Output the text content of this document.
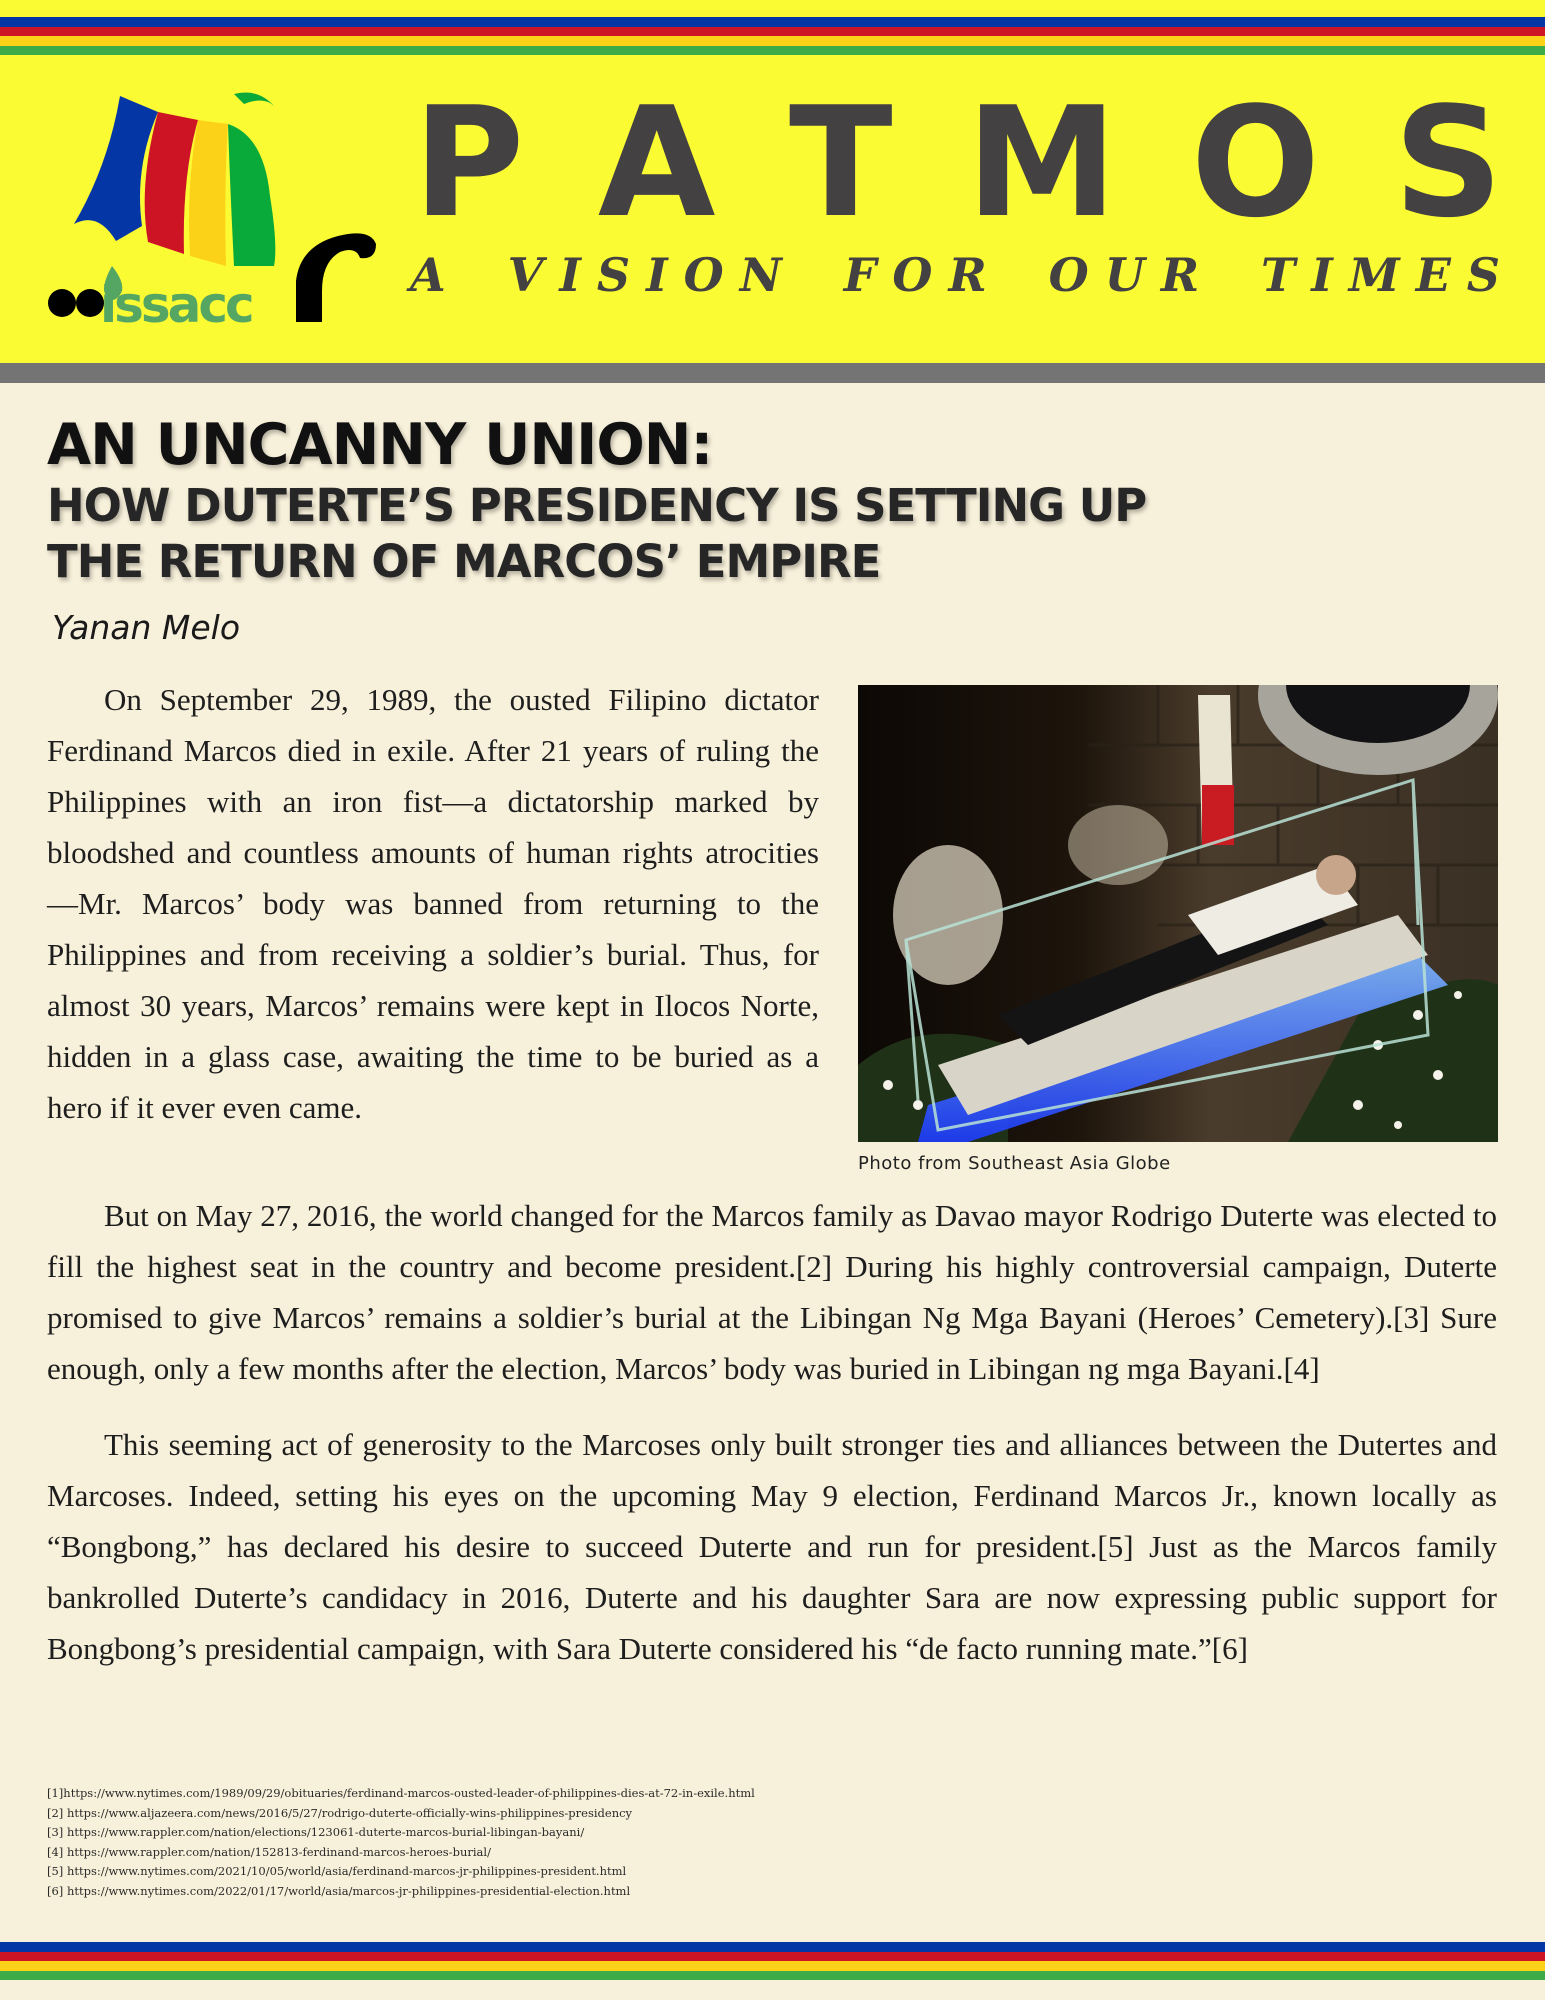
issacc
P A T M O S
A V I S I O N F O R O U R T I M E S
AN UNCANNY UNION:
HOW DUTERTE’S PRESIDENCY IS SETTING UP
THE RETURN OF MARCOS’ EMPIRE
Yanan Melo

On September 29, 1989, the ousted Filipino dictator Ferdinand Marcos died in exile. After 21 years of ruling the Philippines with an iron fist—a dictatorship marked by bloodshed and countless amounts of human rights atrocities—Mr. Marcos’ body was banned from returning to the Philippines and from receiving a soldier’s burial. Thus, for almost 30 years, Marcos’ remains were kept in Ilocos Norte, hidden in a glass case, awaiting the time to be buried as a hero if it ever even came.

Photo from Southeast Asia Globe

But on May 27, 2016, the world changed for the Marcos family as Davao mayor Rodrigo Duterte was elected to fill the highest seat in the country and become president.[2] During his highly controversial campaign, Duterte promised to give Marcos’ remains a soldier’s burial at the Libingan Ng Mga Bayani (Heroes’ Cemetery).[3] Sure enough, only a few months after the election, Marcos’ body was buried in Libingan ng mga Bayani.[4]

This seeming act of generosity to the Marcoses only built stronger ties and alliances between the Dutertes and Marcoses. Indeed, setting his eyes on the upcoming May 9 election, Ferdinand Marcos Jr., known locally as “Bongbong,” has declared his desire to succeed Duterte and run for president.[5] Just as the Marcos family bankrolled Duterte’s candidacy in 2016, Duterte and his daughter Sara are now expressing public support for Bongbong’s presidential campaign, with Sara Duterte considered his “de facto running mate.”[6]

[1]https://www.nytimes.com/1989/09/29/obituaries/ferdinand-marcos-ousted-leader-of-philippines-dies-at-72-in-exile.html
[2] https://www.aljazeera.com/news/2016/5/27/rodrigo-duterte-officially-wins-philippines-presidency
[3] https://www.rappler.com/nation/elections/123061-duterte-marcos-burial-libingan-bayani/
[4] https://www.rappler.com/nation/152813-ferdinand-marcos-heroes-burial/
[5] https://www.nytimes.com/2021/10/05/world/asia/ferdinand-marcos-jr-philippines-president.html
[6] https://www.nytimes.com/2022/01/17/world/asia/marcos-jr-philippines-presidential-election.html
